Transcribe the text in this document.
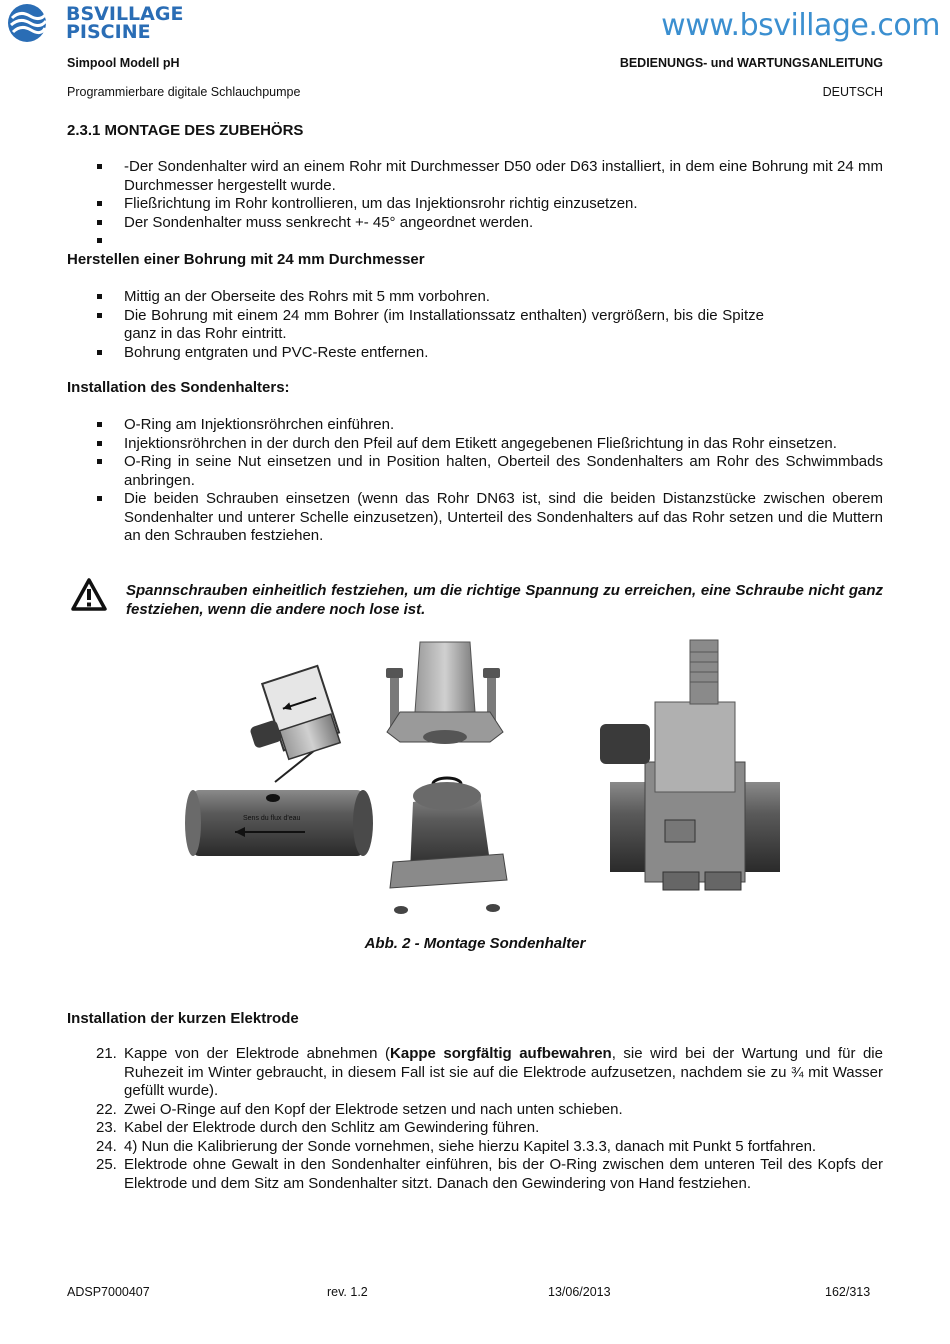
BSVILLAGE
PISCINE	www.bsvillage.com
Simpool Modell pH	BEDIENUNGS- und WARTUNGSANLEITUNG
Programmierbare digitale Schlauchpumpe	DEUTSCH
2.3.1 MONTAGE DES ZUBEHÖRS
-Der Sondenhalter wird an einem Rohr mit Durchmesser D50 oder D63 installiert, in dem eine Bohrung mit 24 mm Durchmesser hergestellt wurde.
Fließrichtung im Rohr kontrollieren, um das Injektionsrohr richtig einzusetzen.
Der Sondenhalter muss senkrecht +- 45° angeordnet werden.
Herstellen einer Bohrung mit 24 mm Durchmesser
Mittig an der Oberseite des Rohrs mit 5 mm vorbohren.
Die Bohrung mit einem 24 mm Bohrer (im Installationssatz enthalten) vergrößern, bis die Spitze ganz in das Rohr eintritt.
Bohrung entgraten und PVC-Reste entfernen.
Installation des Sondenhalters:
O-Ring am Injektionsröhrchen einführen.
Injektionsröhrchen in der durch den Pfeil auf dem Etikett angegebenen Fließrichtung in das Rohr einsetzen.
O-Ring in seine Nut einsetzen und in Position halten, Oberteil des Sondenhalters am Rohr des Schwimmbads anbringen.
Die beiden Schrauben einsetzen (wenn das Rohr DN63 ist, sind die beiden Distanzstücke zwischen oberem Sondenhalter und unterer Schelle einzusetzen), Unterteil des Sondenhalters auf das Rohr setzen und die Muttern an den Schrauben festziehen.
Spannschrauben einheitlich festziehen, um die richtige Spannung zu erreichen, eine Schraube nicht ganz festziehen, wenn die andere noch lose ist.
Sens du flux d'eau
Abb. 2 - Montage Sondenhalter
Installation der kurzen Elektrode
21. Kappe von der Elektrode abnehmen (Kappe sorgfältig aufbewahren, sie wird bei der Wartung und für die Ruhezeit im Winter gebraucht, in diesem Fall ist sie auf die Elektrode aufzusetzen, nachdem sie zu ¾ mit Wasser gefüllt wurde).
22. Zwei O-Ringe auf den Kopf der Elektrode setzen und nach unten schieben.
23. Kabel der Elektrode durch den Schlitz am Gewindering führen.
24. 4) Nun die Kalibrierung der Sonde vornehmen, siehe hierzu Kapitel 3.3.3, danach mit Punkt 5 fortfahren.
25. Elektrode ohne Gewalt in den Sondenhalter einführen, bis der O-Ring zwischen dem unteren Teil des Kopfs der Elektrode und dem Sitz am Sondenhalter sitzt. Danach den Gewindering von Hand festziehen.
ADSP7000407	rev. 1.2	13/06/2013	162/313
